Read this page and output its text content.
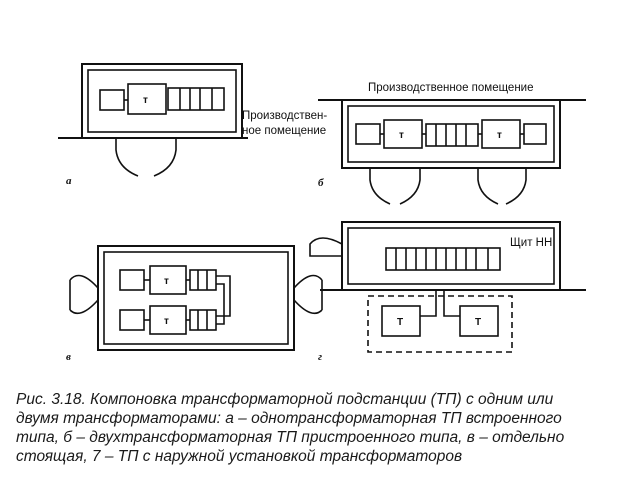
т
а
Производствен-
ное помещение	т	т
б
Производственное помещение
т
т
в
Т	Т
г
Щит НН
Рис. 3.18. Компоновка трансформаторной подстанции (ТП) с одним или
двумя трансформаторами: а – однотрансформаторная ТП встроенного
типа, б – двухтрансформаторная ТП пристроенного типа, в – отдельно
стоящая, 7 – ТП с наружной установкой трансформаторов
